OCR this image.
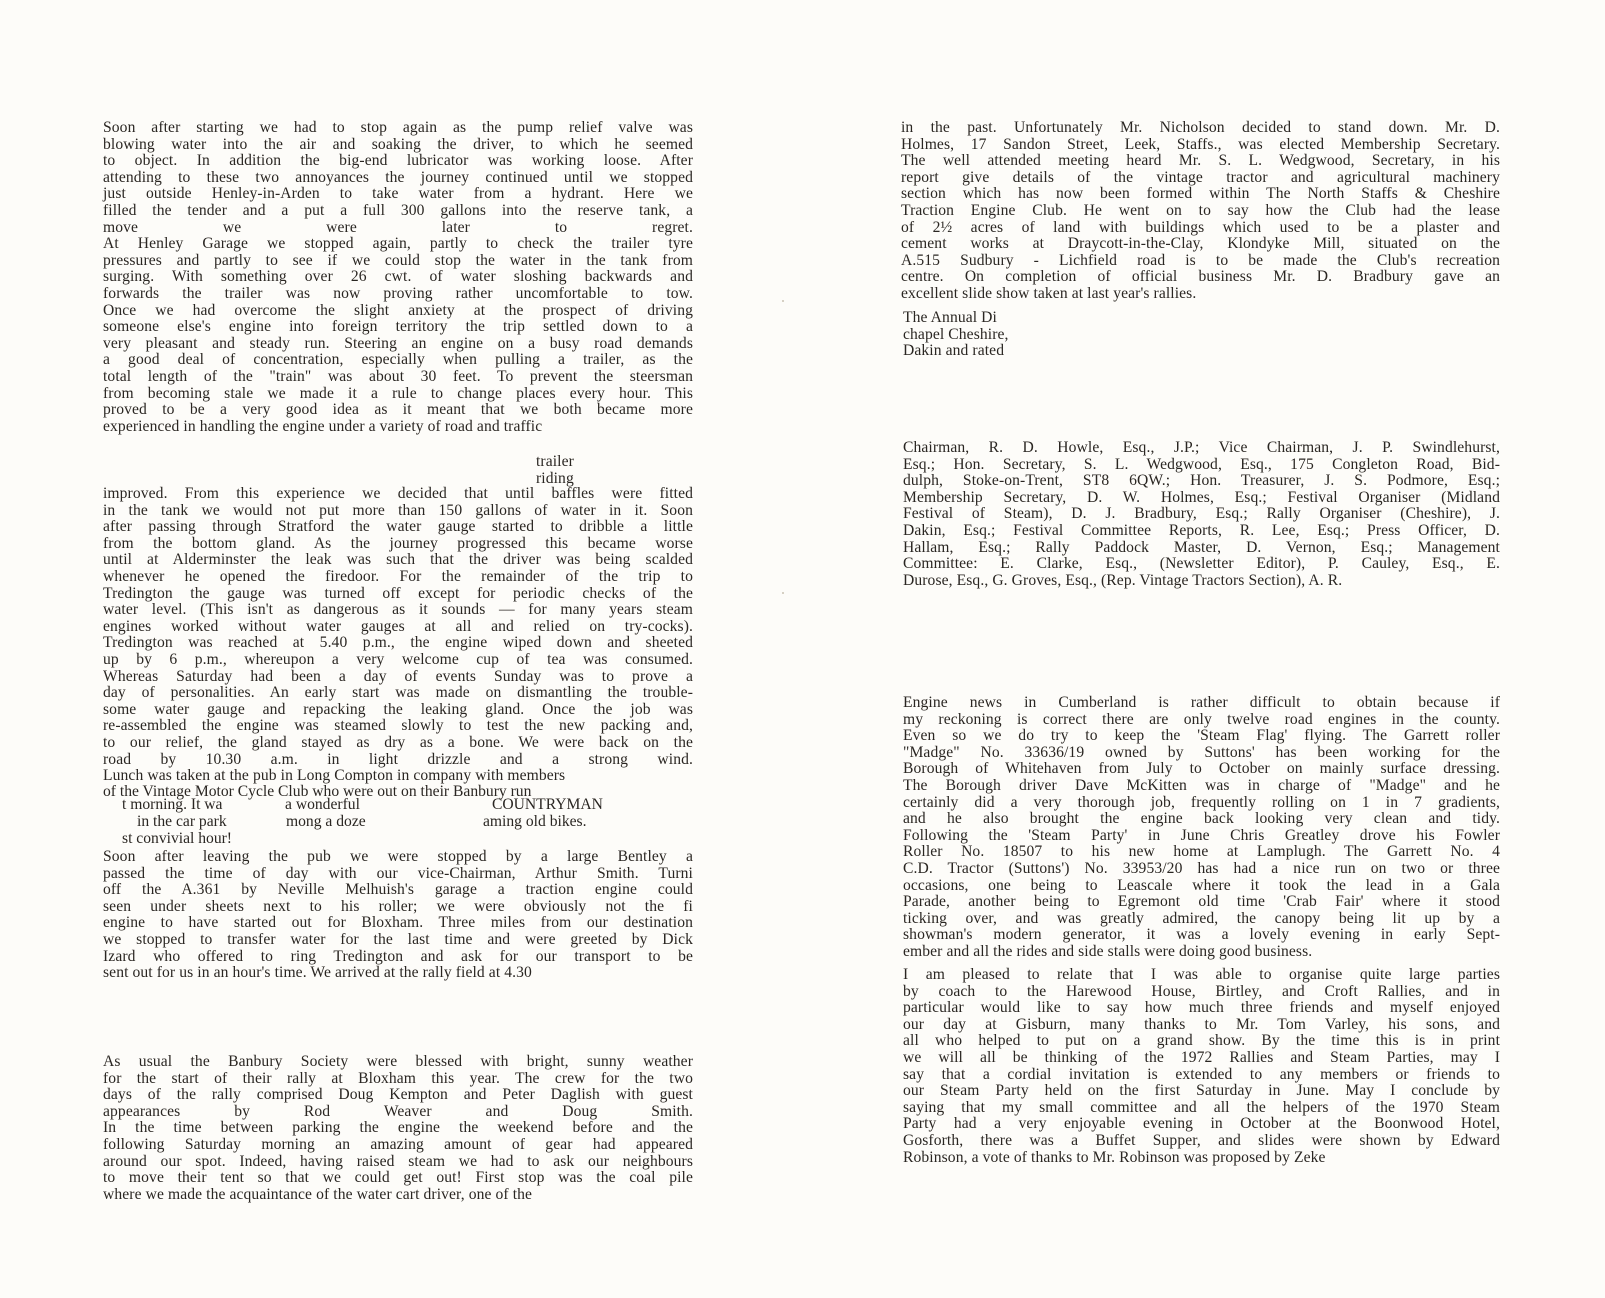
Soon after starting we had to stop again as the pump relief valve was
blowing water into the air and soaking the driver, to which he seemed
to object. In addition the big-end lubricator was working loose. After
attending to these two annoyances the journey continued until we stopped
just outside Henley-in-Arden to take water from a hydrant. Here we
filled the tender and a put a full 300 gallons into the reserve tank, a
move we were later to regret.
At Henley Garage we stopped again, partly to check the trailer tyre
pressures and partly to see if we could stop the water in the tank from
surging. With something over 26 cwt. of water sloshing backwards and
forwards the trailer was now proving rather uncomfortable to tow.
Once we had overcome the slight anxiety at the prospect of driving
someone else's engine into foreign territory the trip settled down to a
very pleasant and steady run. Steering an engine on a busy road demands
a good deal of concentration, especially when pulling a trailer, as the
total length of the "train" was about 30 feet. To prevent the steersman
from becoming stale we made it a rule to change places every hour. This
proved to be a very good idea as it meant that we both became more
experienced in handling the engine under a variety of road and traffic
trailer
riding
improved. From this experience we decided that until baffles were fitted
in the tank we would not put more than 150 gallons of water in it. Soon
after passing through Stratford the water gauge started to dribble a little
from the bottom gland. As the journey progressed this became worse
until at Alderminster the leak was such that the driver was being scalded
whenever he opened the firedoor. For the remainder of the trip to
Tredington the gauge was turned off except for periodic checks of the
water level. (This isn't as dangerous as it sounds — for many years steam
engines worked without water gauges at all and relied on try-cocks).
Tredington was reached at 5.40 p.m., the engine wiped down and sheeted
up by 6 p.m., whereupon a very welcome cup of tea was consumed.
Whereas Saturday had been a day of events Sunday was to prove a
day of personalities. An early start was made on dismantling the trouble-
some water gauge and repacking the leaking gland. Once the job was
re-assembled the engine was steamed slowly to test the new packing and,
to our relief, the gland stayed as dry as a bone. We were back on the
road by 10.30 a.m. in light drizzle and a strong wind.
Lunch was taken at the pub in Long Compton in company with members
of the Vintage Motor Cycle Club who were out on their Banbury run
t morning. It wa	a wonderful	COUNTRYMAN
in the car park	mong a doze	aming old bikes.
st convivial hour!
Soon after leaving the pub we were stopped by a large Bentley a
passed the time of day with our vice-Chairman, Arthur Smith. Turni
off the A.361 by Neville Melhuish's garage a traction engine could
seen under sheets next to his roller; we were obviously not the fi
engine to have started out for Bloxham. Three miles from our destination
we stopped to transfer water for the last time and were greeted by Dick
Izard who offered to ring Tredington and ask for our transport to be
sent out for us in an hour's time. We arrived at the rally field at 4.30
As usual the Banbury Society were blessed with bright, sunny weather
for the start of their rally at Bloxham this year. The crew for the two
days of the rally comprised Doug Kempton and Peter Daglish with guest
appearances by Rod Weaver and Doug Smith.
In the time between parking the engine the weekend before and the
following Saturday morning an amazing amount of gear had appeared
around our spot. Indeed, having raised steam we had to ask our neighbours
to move their tent so that we could get out! First stop was the coal pile
where we made the acquaintance of the water cart driver, one of the
in the past. Unfortunately Mr. Nicholson decided to stand down. Mr. D.
Holmes, 17 Sandon Street, Leek, Staffs., was elected Membership Secretary.
The well attended meeting heard Mr. S. L. Wedgwood, Secretary, in his
report give details of the vintage tractor and agricultural machinery
section which has now been formed within The North Staffs & Cheshire
Traction Engine Club. He went on to say how the Club had the lease
of 2½ acres of land with buildings which used to be a plaster and
cement works at Draycott-in-the-Clay, Klondyke Mill, situated on the
A.515 Sudbury - Lichfield road is to be made the Club's recreation
centre. On completion of official business Mr. D. Bradbury gave an
excellent slide show taken at last year's rallies.
The Annual Di
chapel Cheshire,
Dakin and rated
Chairman, R. D. Howle, Esq., J.P.; Vice Chairman, J. P. Swindlehurst,
Esq.; Hon. Secretary, S. L. Wedgwood, Esq., 175 Congleton Road, Bid-
dulph, Stoke-on-Trent, ST8 6QW.; Hon. Treasurer, J. S. Podmore, Esq.;
Membership Secretary, D. W. Holmes, Esq.; Festival Organiser (Midland
Festival of Steam), D. J. Bradbury, Esq.; Rally Organiser (Cheshire), J.
Dakin, Esq.; Festival Committee Reports, R. Lee, Esq.; Press Officer, D.
Hallam, Esq.; Rally Paddock Master, D. Vernon, Esq.; Management
Committee: E. Clarke, Esq., (Newsletter Editor), P. Cauley, Esq., E.
Durose, Esq., G. Groves, Esq., (Rep. Vintage Tractors Section), A. R.
Engine news in Cumberland is rather difficult to obtain because if
my reckoning is correct there are only twelve road engines in the county.
Even so we do try to keep the 'Steam Flag' flying. The Garrett roller
"Madge" No. 33636/19 owned by Suttons' has been working for the
Borough of Whitehaven from July to October on mainly surface dressing.
The Borough driver Dave McKitten was in charge of "Madge" and he
certainly did a very thorough job, frequently rolling on 1 in 7 gradients,
and he also brought the engine back looking very clean and tidy.
Following the 'Steam Party' in June Chris Greatley drove his Fowler
Roller No. 18507 to his new home at Lamplugh. The Garrett No. 4
C.D. Tractor (Suttons') No. 33953/20 has had a nice run on two or three
occasions, one being to Leascale where it took the lead in a Gala
Parade, another being to Egremont old time 'Crab Fair' where it stood
ticking over, and was greatly admired, the canopy being lit up by a
showman's modern generator, it was a lovely evening in early Sept-
ember and all the rides and side stalls were doing good business.
I am pleased to relate that I was able to organise quite large parties
by coach to the Harewood House, Birtley, and Croft Rallies, and in
particular would like to say how much three friends and myself enjoyed
our day at Gisburn, many thanks to Mr. Tom Varley, his sons, and
all who helped to put on a grand show. By the time this is in print
we will all be thinking of the 1972 Rallies and Steam Parties, may I
say that a cordial invitation is extended to any members or friends to
our Steam Party held on the first Saturday in June. May I conclude by
saying that my small committee and all the helpers of the 1970 Steam
Party had a very enjoyable evening in October at the Boonwood Hotel,
Gosforth, there was a Buffet Supper, and slides were shown by Edward
Robinson, a vote of thanks to Mr. Robinson was proposed by Zeke
